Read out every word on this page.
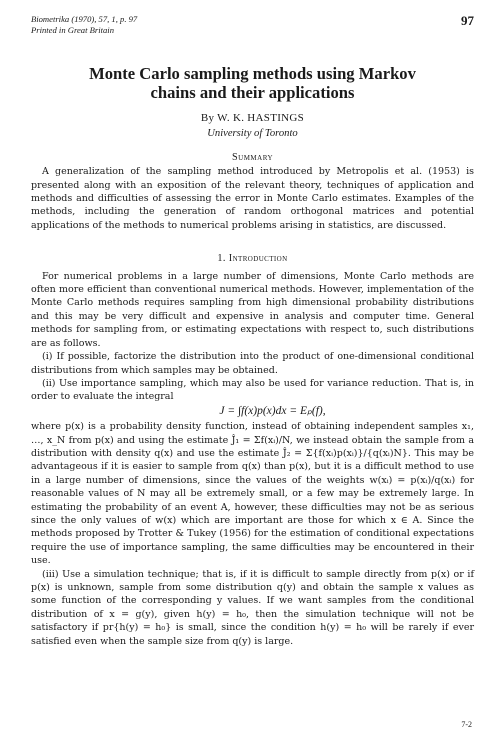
Biometrika (1970), 57, 1, p. 97
Printed in Great Britain
97
Monte Carlo sampling methods using Markov
chains and their applications
By W. K. HASTINGS
University of Toronto
Summary

A generalization of the sampling method introduced by Metropolis et al. (1953) is presented along with an exposition of the relevant theory, techniques of application and methods and difficulties of assessing the error in Monte Carlo estimates. Examples of the methods, including the generation of random orthogonal matrices and potential applications of the methods to numerical problems arising in statistics, are discussed.

1. Introduction

For numerical problems in a large number of dimensions, Monte Carlo methods are often more efficient than conventional numerical methods. However, implementation of the Monte Carlo methods requires sampling from high dimensional probability distributions and this may be very difficult and expensive in analysis and computer time. General methods for sampling from, or estimating expectations with respect to, such distributions are as follows.

(i) If possible, factorize the distribution into the product of one-dimensional conditional distributions from which samples may be obtained.

(ii) Use importance sampling, which may also be used for variance reduction. That is, in order to evaluate the integral

J = ∫f(x)p(x)dx = Eₚ(f),

where p(x) is a probability density function, instead of obtaining independent samples x₁, …, x_N from p(x) and using the estimate Ĵ₁ = Σf(xᵢ)/N, we instead obtain the sample from a distribution with density q(x) and use the estimate Ĵ₂ = Σ{f(xᵢ)p(xᵢ)}/{q(xᵢ)N}. This may be advantageous if it is easier to sample from q(x) than p(x), but it is a difficult method to use in a large number of dimensions, since the values of the weights w(xᵢ) = p(xᵢ)/q(xᵢ) for reasonable values of N may all be extremely small, or a few may be extremely large. In estimating the probability of an event A, however, these difficulties may not be as serious since the only values of w(x) which are important are those for which x ∈ A. Since the methods proposed by Trotter & Tukey (1956) for the estimation of conditional expectations require the use of importance sampling, the same difficulties may be encountered in their use.

(iii) Use a simulation technique; that is, if it is difficult to sample directly from p(x) or if p(x) is unknown, sample from some distribution q(y) and obtain the sample x values as some function of the corresponding y values. If we want samples from the conditional distribution of x = g(y), given h(y) = h₀, then the simulation technique will not be satisfactory if pr{h(y) = h₀} is small, since the condition h(y) = h₀ will be rarely if ever satisfied even when the sample size from q(y) is large.

7-2
